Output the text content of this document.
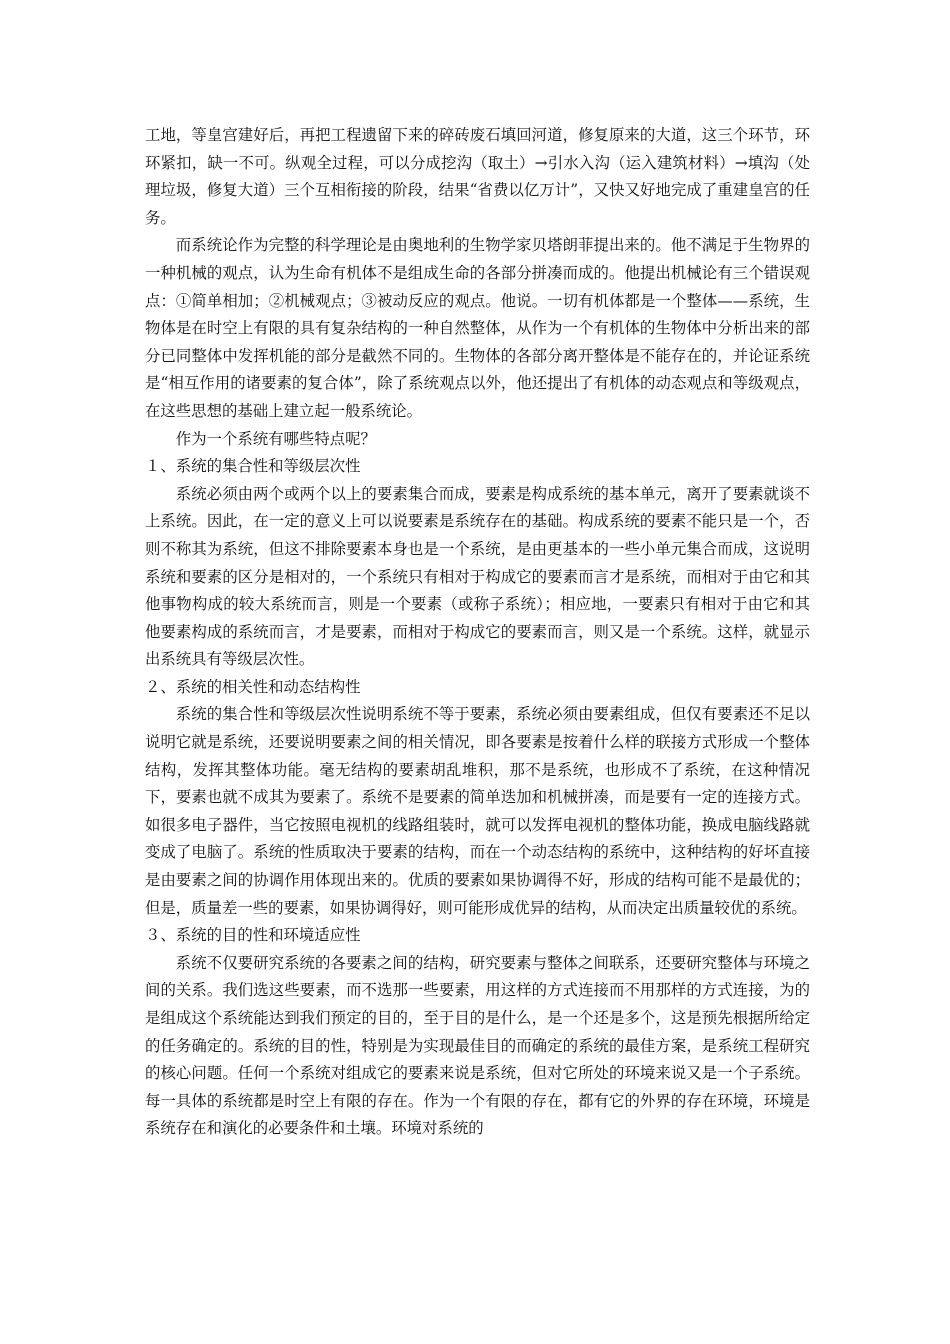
工地，等皇宫建好后，再把工程遗留下来的碎砖废石填回河道，修复原来的大道，这三个环节，环环紧扣，缺一不可。纵观全过程，可以分成挖沟（取土）→引水入沟（运入建筑材料）→填沟（处理垃圾，修复大道）三个互相衔接的阶段，结果“省费以亿万计”，又快又好地完成了重建皇宫的任务。

而系统论作为完整的科学理论是由奥地利的生物学家贝塔朗菲提出来的。他不满足于生物界的一种机械的观点，认为生命有机体不是组成生命的各部分拼凑而成的。他提出机械论有三个错误观点：①简单相加；②机械观点；③被动反应的观点。他说。一切有机体都是一个整体——系统，生物体是在时空上有限的具有复杂结构的一种自然整体，从作为一个有机体的生物体中分析出来的部分已同整体中发挥机能的部分是截然不同的。生物体的各部分离开整体是不能存在的，并论证系统是“相互作用的诸要素的复合体”，除了系统观点以外，他还提出了有机体的动态观点和等级观点，在这些思想的基础上建立起一般系统论。

作为一个系统有哪些特点呢？

１、系统的集合性和等级层次性

系统必须由两个或两个以上的要素集合而成，要素是构成系统的基本单元，离开了要素就谈不上系统。因此，在一定的意义上可以说要素是系统存在的基础。构成系统的要素不能只是一个，否则不称其为系统，但这不排除要素本身也是一个系统，是由更基本的一些小单元集合而成，这说明系统和要素的区分是相对的，一个系统只有相对于构成它的要素而言才是系统，而相对于由它和其他事物构成的较大系统而言，则是一个要素（或称子系统）；相应地，一要素只有相对于由它和其他要素构成的系统而言，才是要素，而相对于构成它的要素而言，则又是一个系统。这样，就显示出系统具有等级层次性。

２、系统的相关性和动态结构性

系统的集合性和等级层次性说明系统不等于要素，系统必须由要素组成，但仅有要素还不足以说明它就是系统，还要说明要素之间的相关情况，即各要素是按着什么样的联接方式形成一个整体结构，发挥其整体功能。毫无结构的要素胡乱堆积，那不是系统，也形成不了系统，在这种情况下，要素也就不成其为要素了。系统不是要素的简单迭加和机械拼凑，而是要有一定的连接方式。如很多电子器件，当它按照电视机的线路组装时，就可以发挥电视机的整体功能，换成电脑线路就变成了电脑了。系统的性质取决于要素的结构，而在一个动态结构的系统中，这种结构的好坏直接是由要素之间的协调作用体现出来的。优质的要素如果协调得不好，形成的结构可能不是最优的；但是，质量差一些的要素，如果协调得好，则可能形成优异的结构，从而决定出质量较优的系统。

３、系统的目的性和环境适应性

系统不仅要研究系统的各要素之间的结构，研究要素与整体之间联系，还要研究整体与环境之间的关系。我们选这些要素，而不选那一些要素，用这样的方式连接而不用那样的方式连接，为的是组成这个系统能达到我们预定的目的，至于目的是什么，是一个还是多个，这是预先根据所给定的任务确定的。系统的目的性，特别是为实现最佳目的而确定的系统的最佳方案，是系统工程研究的核心问题。任何一个系统对组成它的要素来说是系统，但对它所处的环境来说又是一个子系统。每一具体的系统都是时空上有限的存在。作为一个有限的存在，都有它的外界的存在环境，环境是系统存在和演化的必要条件和土壤。环境对系统的
